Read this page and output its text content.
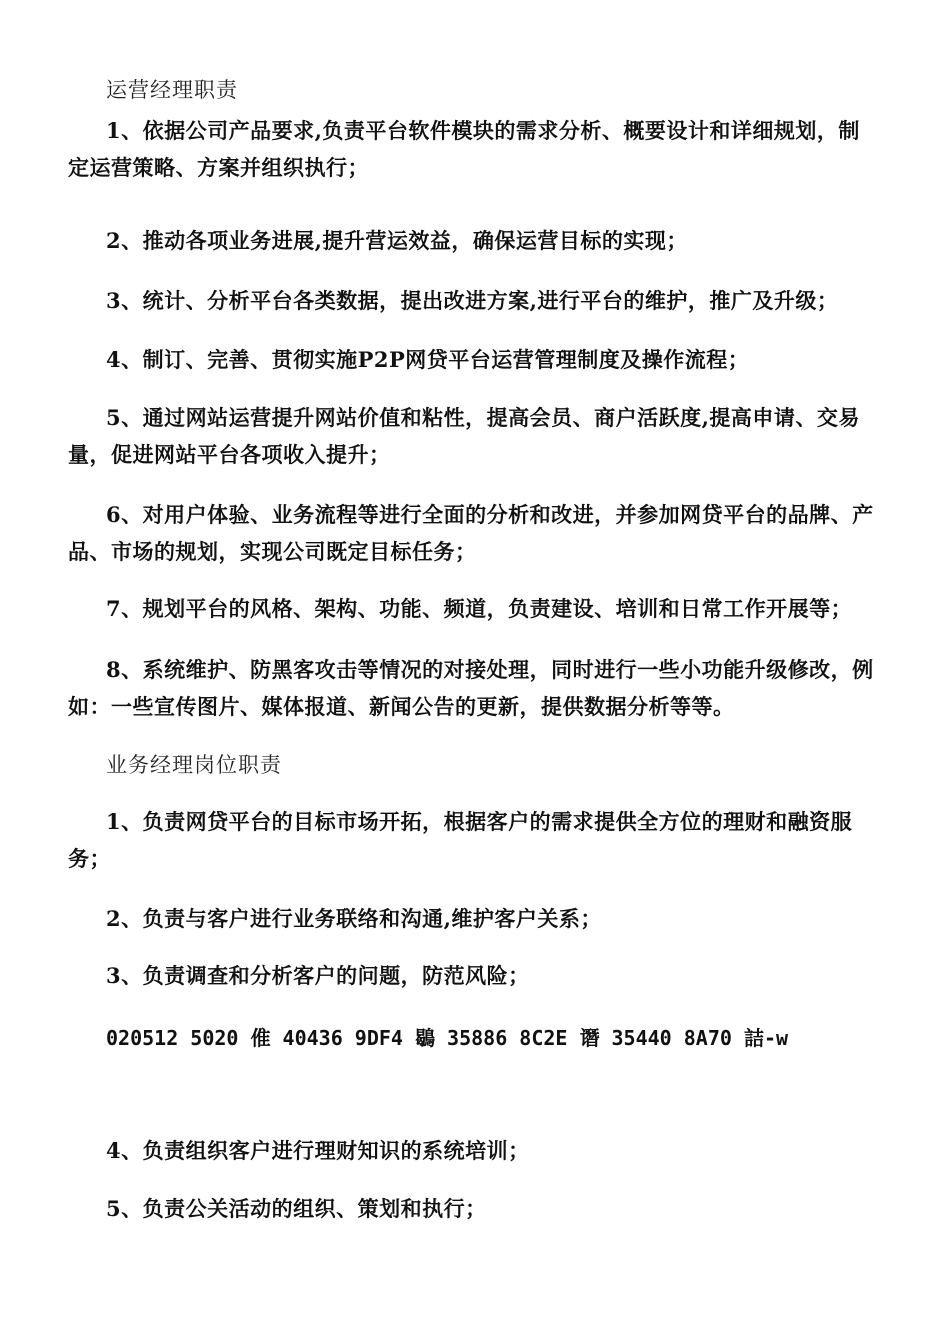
运营经理职责

1、依据公司产品要求,负责平台软件模块的需求分析、概要设计和详细规划，制定运营策略、方案并组织执行；

2、推动各项业务进展,提升营运效益，确保运营目标的实现；

3、统计、分析平台各类数据，提出改进方案,进行平台的维护，推广及升级；

4、制订、完善、贯彻实施P2P网贷平台运营管理制度及操作流程；

5、通过网站运营提升网站价值和粘性，提高会员、商户活跃度,提高申请、交易量，促进网站平台各项收入提升；

6、对用户体验、业务流程等进行全面的分析和改进，并参加网贷平台的品牌、产品、市场的规划，实现公司既定目标任务；

7、规划平台的风格、架构、功能、频道，负责建设、培训和日常工作开展等；

8、系统维护、防黑客攻击等情况的对接处理，同时进行一些小功能升级修改，例如：一些宣传图片、媒体报道、新闻公告的更新，提供数据分析等等。

业务经理岗位职责

1、负责网贷平台的目标市场开拓，根据客户的需求提供全方位的理财和融资服务；

2、负责与客户进行业务联络和沟通,维护客户关系；

3、负责调查和分析客户的问题，防范风险；

020512 5020 倠 40436 9DF4 鶡 35886 8C2E 谮 35440 8A70 詰-w

4、负责组织客户进行理财知识的系统培训；

5、负责公关活动的组织、策划和执行；
